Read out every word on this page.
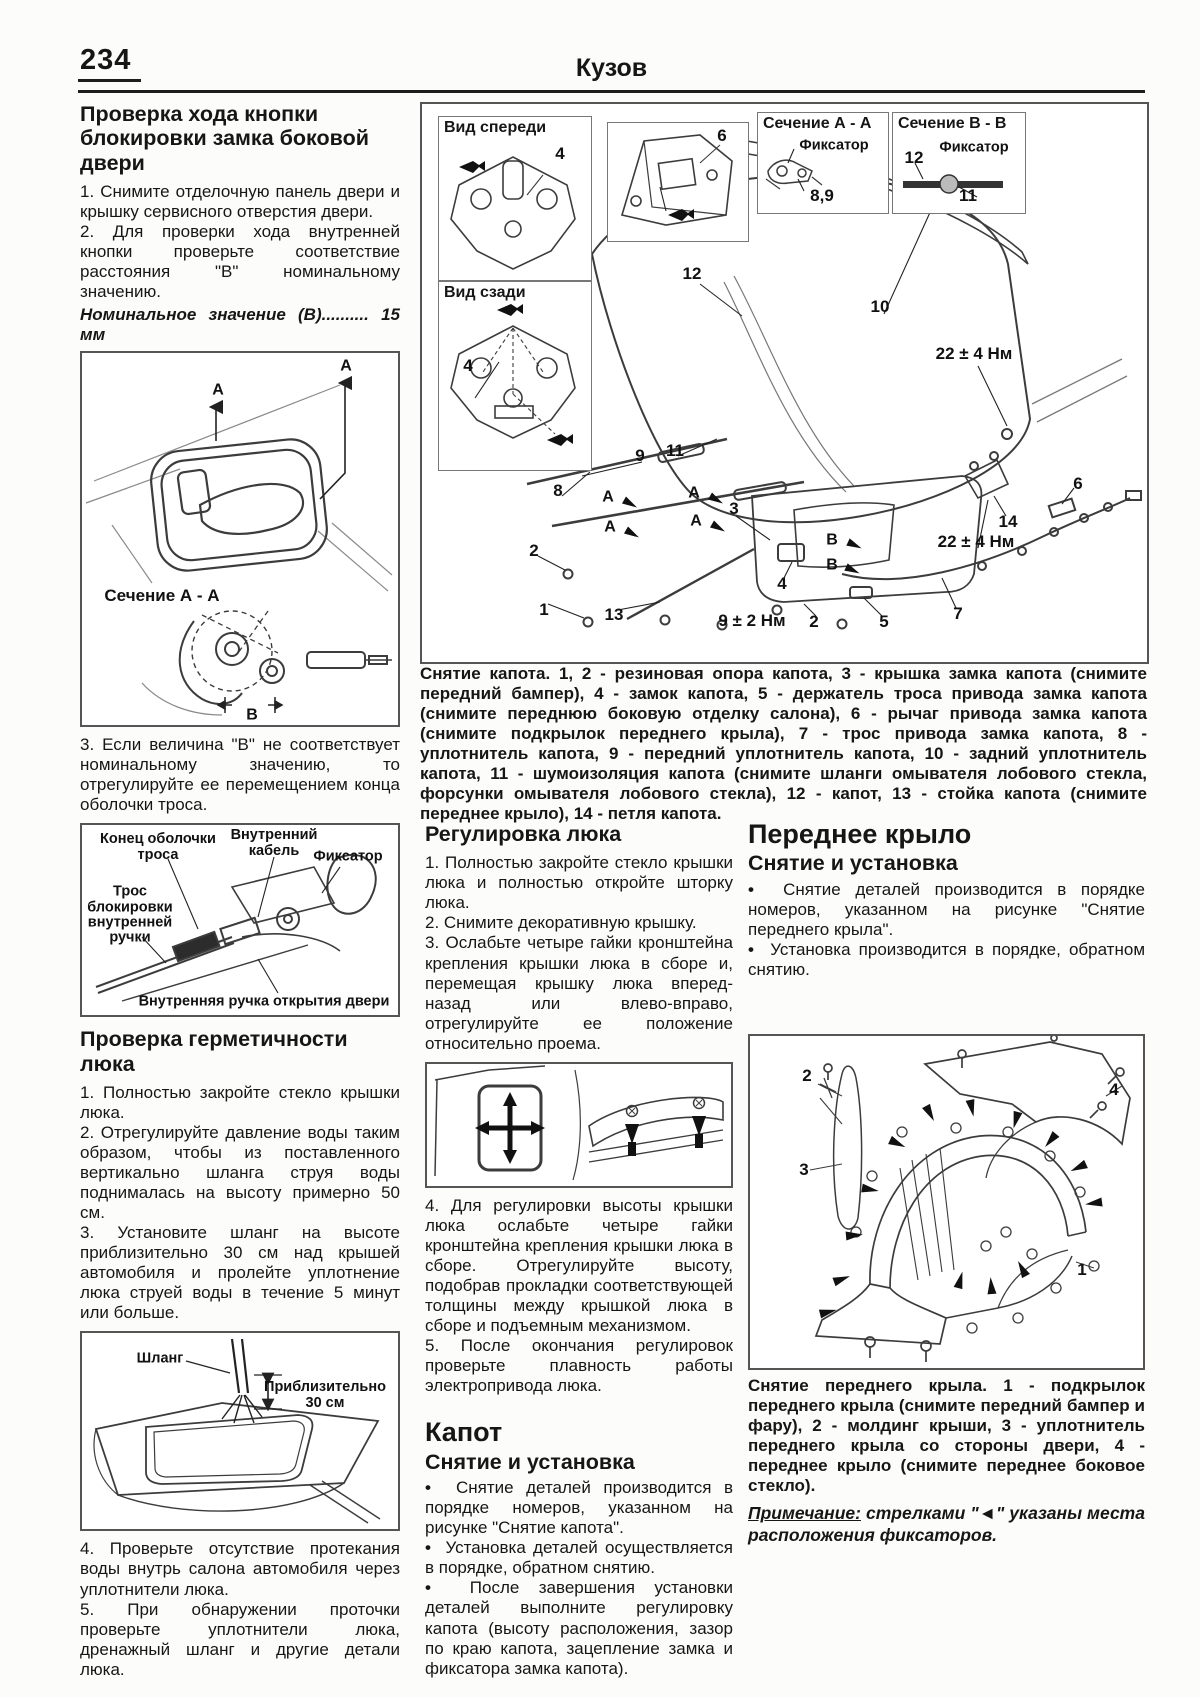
234	Кузов
Проверка хода кнопки блокировки замка боковой двери

1. Снимите отделочную панель двери и крышку сервисного отверстия двери.

2. Для проверки хода внутренней кнопки проверьте соответствие расстояния "В" номинальному значению.

Номинальное значение (В).......... 15 мм

А
А
Сечение А - А
В

3. Если величина "В" не соответствует номинальному значению, то отрегулируйте ее перемещением конца оболочки троса.

Конец оболочки троса
Внутренний кабель Фиксатор
Трос блокировки внутренней ручки
Внутренняя ручка открытия двери
Проверка герметичности люка

1. Полностью закройте стекло крышки люка.

2. Отрегулируйте давление воды таким образом, чтобы из поставленного вертикально шланга струя воды поднималась на высоту примерно 50 см.

3. Установите шланг на высоте приблизительно 30 см над крышей автомобиля и пролейте уплотнение люка струей воды в течение 5 минут или больше.

Шланг
Приблизительно 30 см

4. Проверьте отсутствие протекания воды внутрь салона автомобиля через уплотнители люка.

5. При обнаружении проточки проверьте уплотнители люка, дренажный шланг и другие детали люка.

Вид спереди
Вид сзади
Сечение А - А	Сечение В - В
4
4
6
Фиксатор
8,9
12
Фиксатор
11
12
10
22 ± 4 Нм
11
9
3
8
2
1	13
А
А
А
А
В
В
4
9 ± 2 Нм 2	5	7
22 ± 4 Нм
14
6

Снятие капота. 1, 2 - резиновая опора капота, 3 - крышка замка капота (снимите передний бампер), 4 - замок капота, 5 - держатель троса привода замка капота (снимите переднюю боковую отделку салона), 6 - рычаг привода замка капота (снимите подкрылок переднего крыла), 7 - трос привода замка капота, 8 - уплотнитель капота, 9 - передний уплотнитель капота, 10 - задний уплотнитель капота, 11 - шумоизоляция капота (снимите шланги омывателя лобового стекла, форсунки омывателя лобового стекла), 12 - капот, 13 - стойка капота (снимите переднее крыло), 14 - петля капота.

Регулировка люка

1. Полностью закройте стекло крышки люка и полностью откройте шторку люка.

2. Снимите декоративную крышку.

3. Ослабьте четыре гайки кронштейна крепления крышки люка в сборе и, перемещая крышку люка вперед-назад или влево-вправо, отрегулируйте ее положение относительно проема.

4. Для регулировки высоты крышки люка ослабьте четыре гайки кронштейна крепления крышки люка в сборе. Отрегулируйте высоту, подобрав прокладки соответствующей толщины между крышкой люка в сборе и подъемным механизмом.

5. После окончания регулировок проверьте плавность работы электропривода люка.

Капот
Снятие и установка

•  Снятие деталей производится в порядке номеров, указанном на рисунке "Снятие капота".

•  Установка деталей осуществляется в порядке, обратном снятию.

•  После завершения установки деталей выполните регулировку капота (высоту расположения, зазор по краю капота, зацепление замка и фиксатора замка капота).

Переднее крыло
Снятие и установка

•  Снятие деталей производится в порядке номеров, указанном на рисунке "Снятие переднего крыла".

•  Установка производится в порядке, обратном снятию.

2
3
4
1

Снятие переднего крыла. 1 - подкрылок переднего крыла (снимите передний бампер и фару), 2 - молдинг крыши, 3 - уплотнитель переднего крыла со стороны двери, 4 - переднее крыло (снимите переднее боковое стекло).

Примечание: стрелками "◄" указаны места расположения фиксаторов.
